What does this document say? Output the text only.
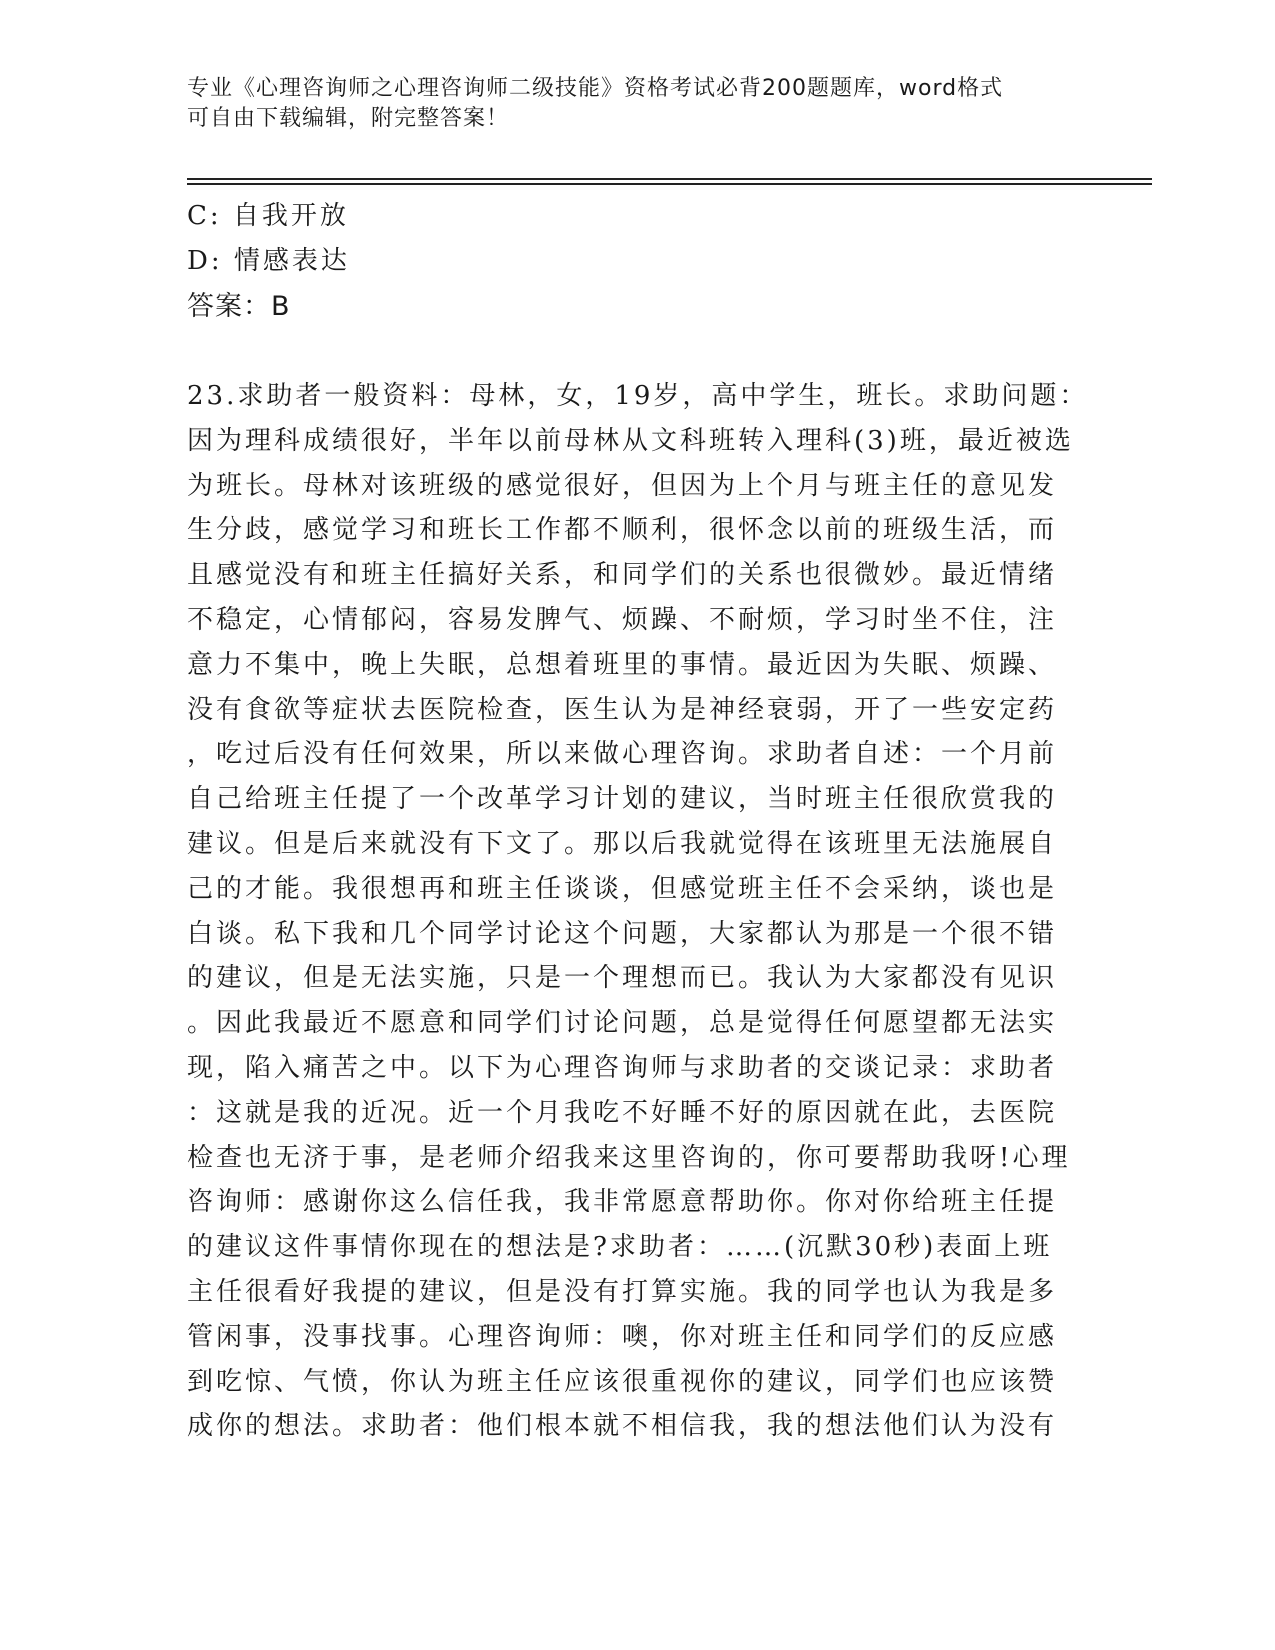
专业《心理咨询师之心理咨询师二级技能》资格考试必背200题题库，word格式
可自由下载编辑，附完整答案！
C: 自我开放
D: 情感表达
答案：B
23.求助者一般资料：母林，女，19岁，高中学生，班长。求助问题：
因为理科成绩很好，半年以前母林从文科班转入理科(3)班，最近被选
为班长。母林对该班级的感觉很好，但因为上个月与班主任的意见发
生分歧，感觉学习和班长工作都不顺利，很怀念以前的班级生活，而
且感觉没有和班主任搞好关系，和同学们的关系也很微妙。最近情绪
不稳定，心情郁闷，容易发脾气、烦躁、不耐烦，学习时坐不住，注
意力不集中，晚上失眠，总想着班里的事情。最近因为失眠、烦躁、
没有食欲等症状去医院检查，医生认为是神经衰弱，开了一些安定药
，吃过后没有任何效果，所以来做心理咨询。求助者自述：一个月前
自己给班主任提了一个改革学习计划的建议，当时班主任很欣赏我的
建议。但是后来就没有下文了。那以后我就觉得在该班里无法施展自
己的才能。我很想再和班主任谈谈，但感觉班主任不会采纳，谈也是
白谈。私下我和几个同学讨论这个问题，大家都认为那是一个很不错
的建议，但是无法实施，只是一个理想而已。我认为大家都没有见识
。因此我最近不愿意和同学们讨论问题，总是觉得任何愿望都无法实
现，陷入痛苦之中。以下为心理咨询师与求助者的交谈记录：求助者
：这就是我的近况。近一个月我吃不好睡不好的原因就在此，去医院
检查也无济于事，是老师介绍我来这里咨询的，你可要帮助我呀!心理
咨询师：感谢你这么信任我，我非常愿意帮助你。你对你给班主任提
的建议这件事情你现在的想法是?求助者：……(沉默30秒)表面上班
主任很看好我提的建议，但是没有打算实施。我的同学也认为我是多
管闲事，没事找事。心理咨询师：噢，你对班主任和同学们的反应感
到吃惊、气愤，你认为班主任应该很重视你的建议，同学们也应该赞
成你的想法。求助者：他们根本就不相信我，我的想法他们认为没有
